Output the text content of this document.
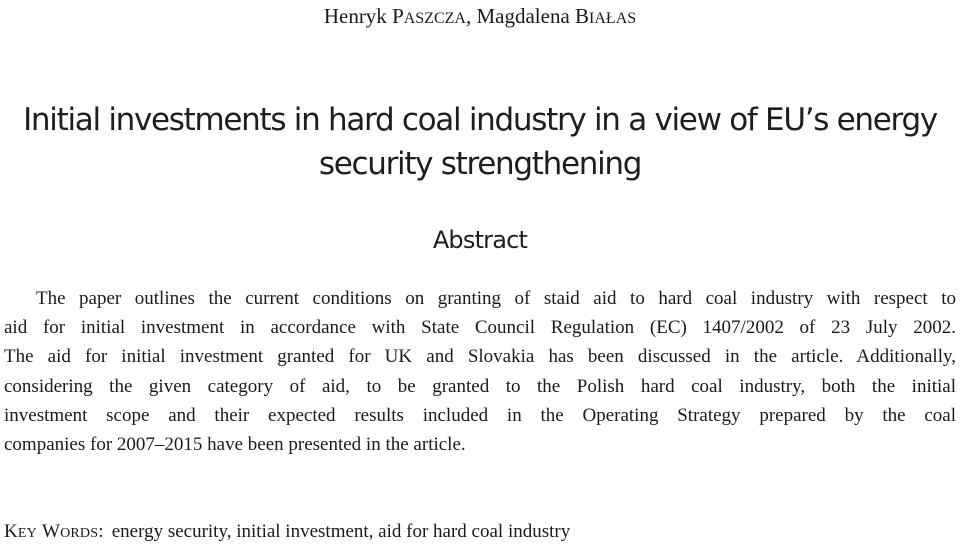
Henryk PASZCZA, Magdalena BIAŁAS
Initial investments in hard coal industry in a view of EU’s energy
security strengthening
Abstract
The paper outlines the current conditions on granting of staid aid to hard coal industry with respect to
aid for initial investment in accordance with State Council Regulation (EC) 1407/2002 of 23 July 2002.
The aid for initial investment granted for UK and Slovakia has been discussed in the article. Additionally,
considering the given category of aid, to be granted to the Polish hard coal industry, both the initial
investment scope and their expected results included in the Operating Strategy prepared by the coal
companies for 2007–2015 have been presented in the article.
KEY WORDS: energy security, initial investment, aid for hard coal industry
